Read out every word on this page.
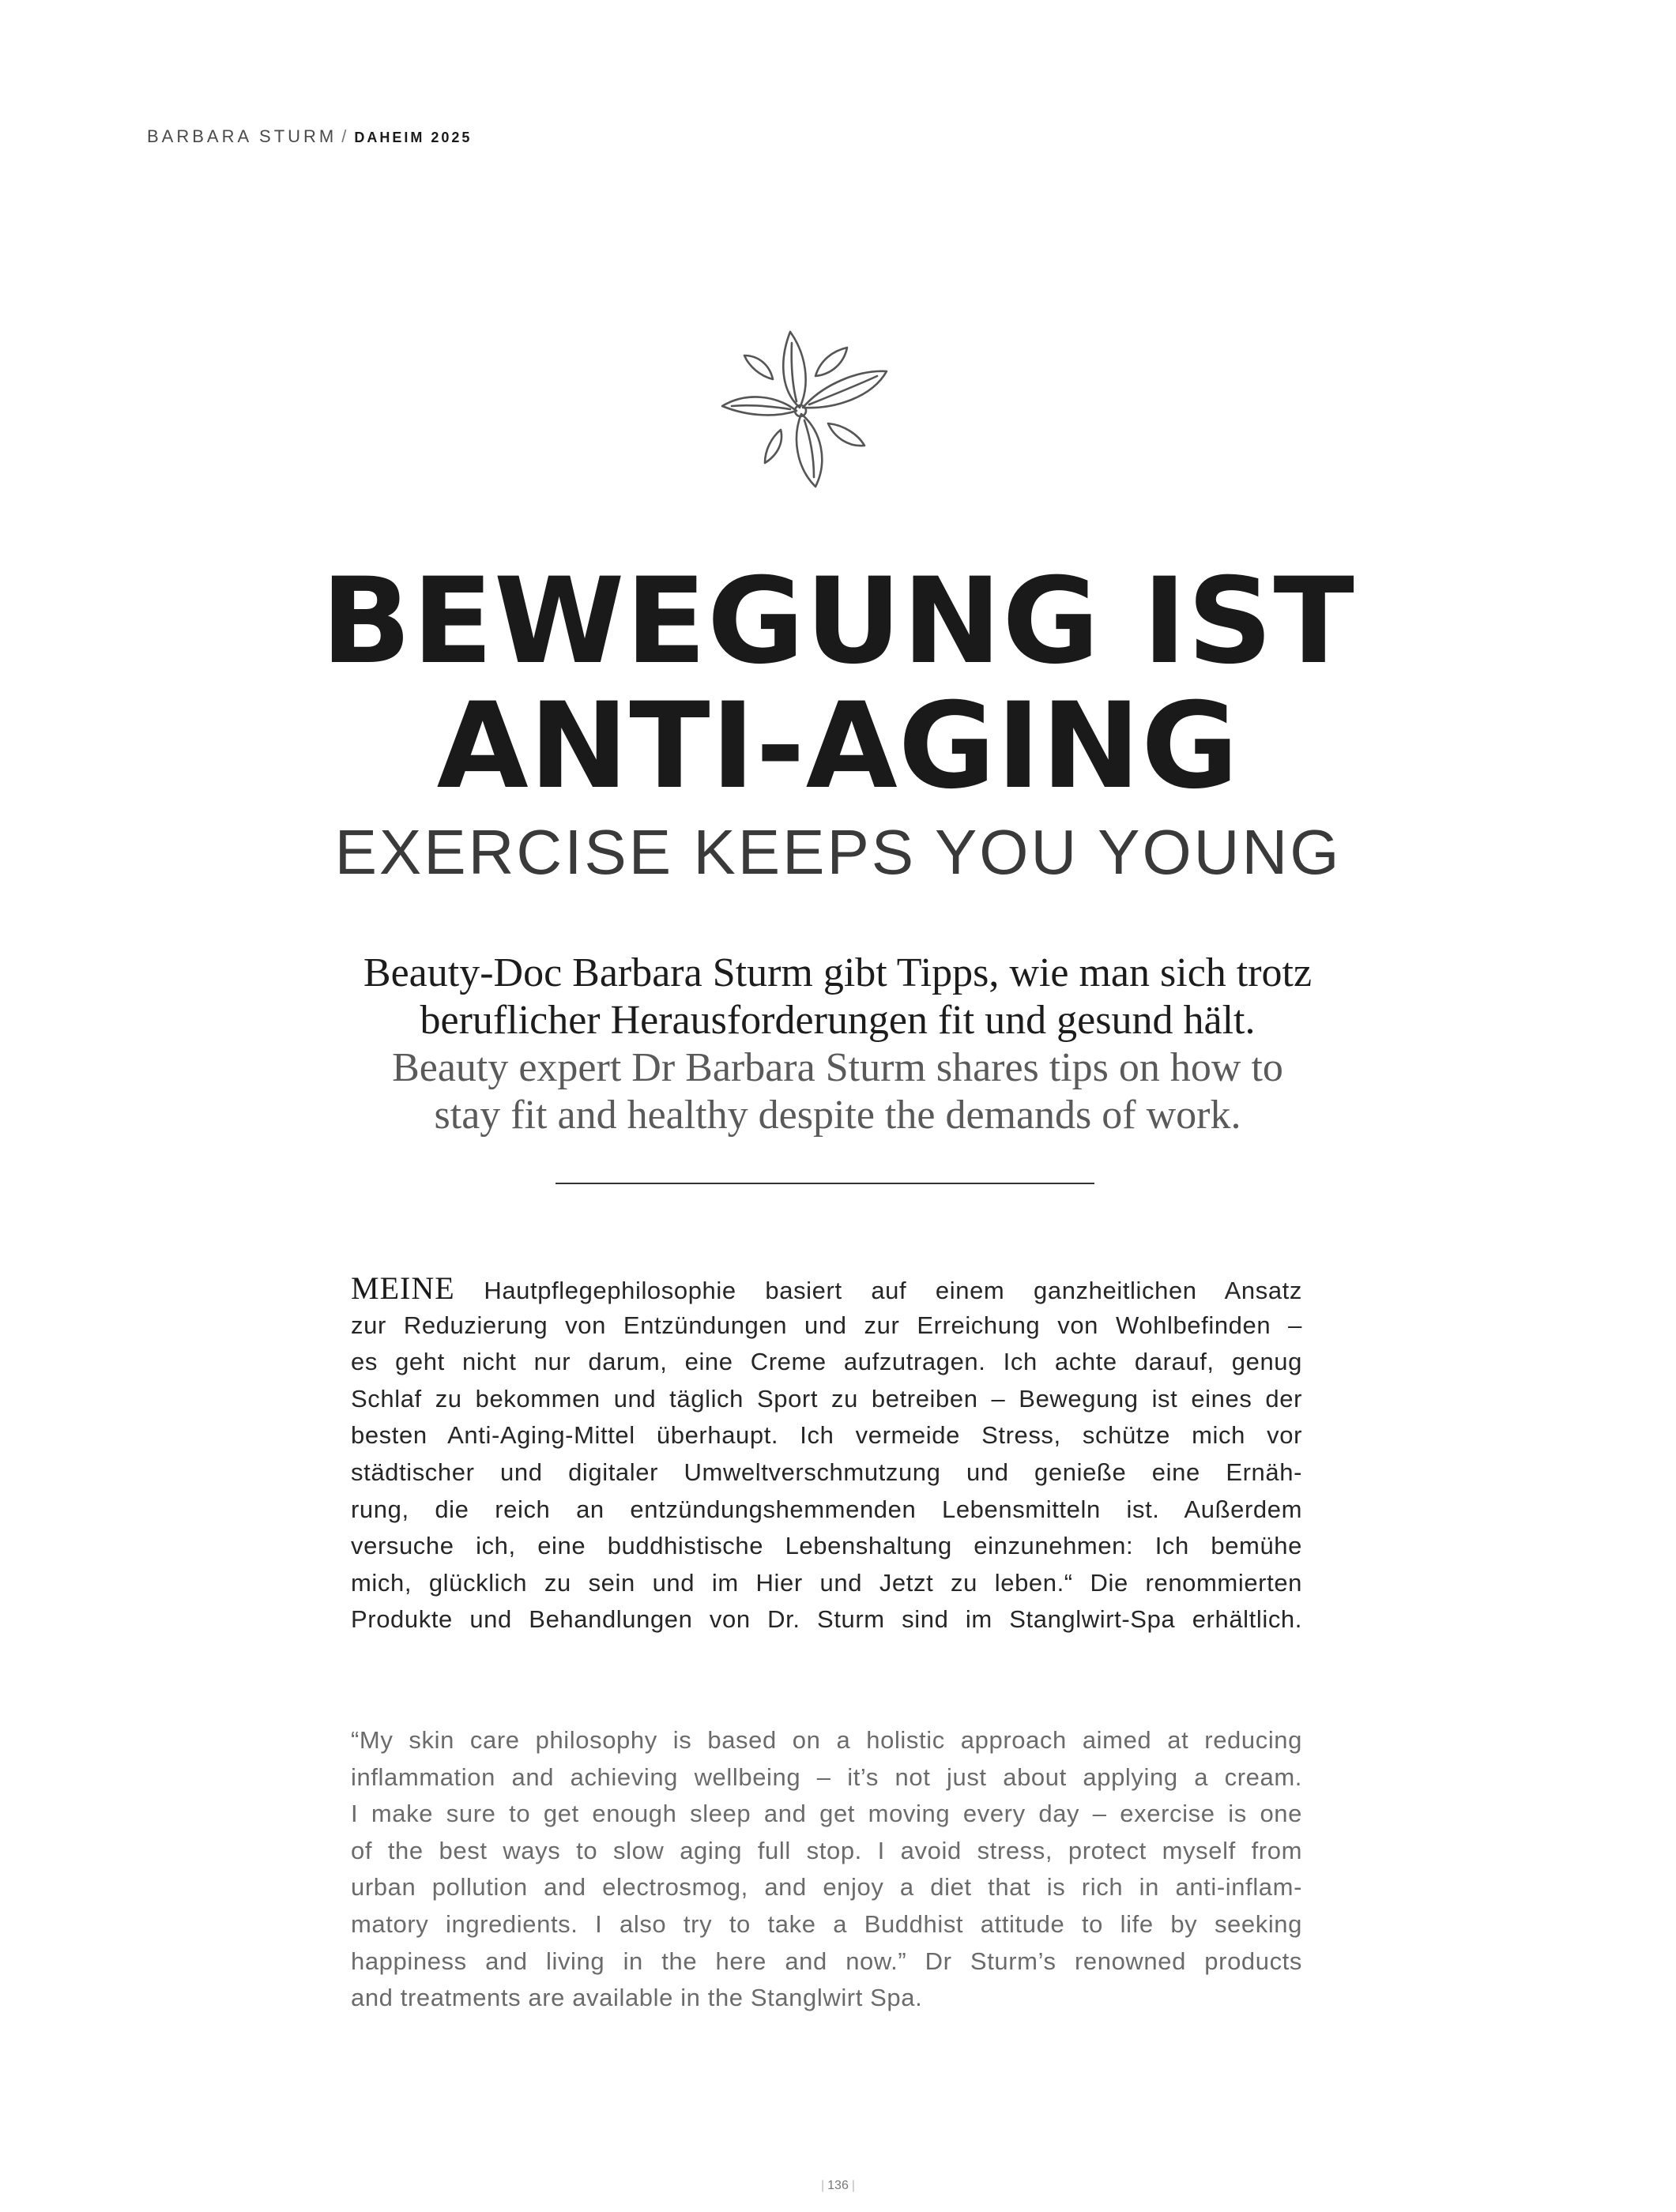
BARBARA STURM / DAHEIM 2025
BEWEGUNG IST
ANTI-AGING
EXERCISE KEEPS YOU YOUNG
Beauty-Doc Barbara Sturm gibt Tipps, wie man sich trotz
beruflicher Herausforderungen fit und gesund hält.
Beauty expert Dr Barbara Sturm shares tips on how to
stay fit and healthy despite the demands of work.
MEINE Hautpflegephilosophie basiert auf einem ganzheitlichen Ansatz
zur Reduzierung von Entzündungen und zur Erreichung von Wohlbefinden –
es geht nicht nur darum, eine Creme aufzutragen. Ich achte darauf, genug
Schlaf zu bekommen und täglich Sport zu betreiben – Bewegung ist eines der
besten Anti-Aging-Mittel überhaupt. Ich vermeide Stress, schütze mich vor
städtischer und digitaler Umweltverschmutzung und genieße eine Ernäh-
rung, die reich an entzündungshemmenden Lebensmitteln ist. Außerdem
versuche ich, eine buddhistische Lebenshaltung einzunehmen: Ich bemühe
mich, glücklich zu sein und im Hier und Jetzt zu leben.“ Die renommierten
Produkte und Behandlungen von Dr. Sturm sind im Stanglwirt-Spa erhältlich.
“My skin care philosophy is based on a holistic approach aimed at reducing
inflammation and achieving wellbeing – it’s not just about applying a cream.
I make sure to get enough sleep and get moving every day – exercise is one
of the best ways to slow aging full stop. I avoid stress, protect myself from
urban pollution and electrosmog, and enjoy a diet that is rich in anti-inflam-
matory ingredients. I also try to take a Buddhist attitude to life by seeking
happiness and living in the here and now.” Dr Sturm’s renowned products
and treatments are available in the Stanglwirt Spa.
| 136 |
